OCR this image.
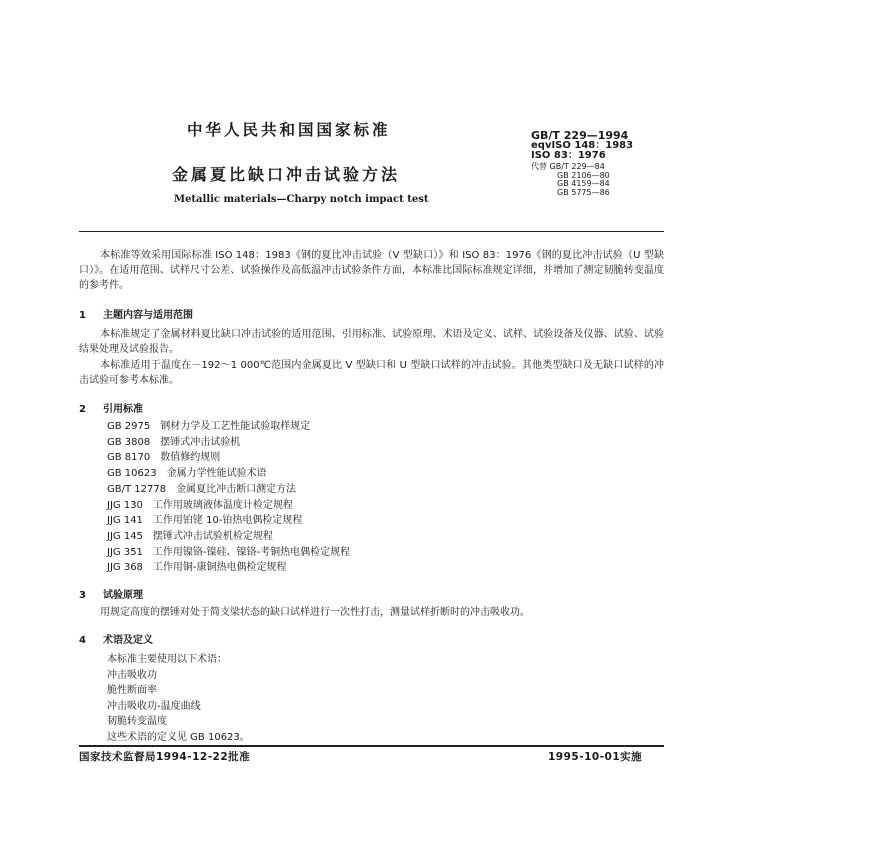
中华人民共和国国家标准
金属夏比缺口冲击试验方法
Metallic materials—Charpy notch impact test
GB/T 229—1994
eqvISO 148：1983
ISO 83：1976
代替 GB/T 229—84
GB 2106—80
GB 4159—84
GB 5775—86
本标准等效采用国际标准 ISO 148：1983《钢的夏比冲击试验（V 型缺口）》和 ISO 83：1976《钢的夏比冲击试验（U 型缺口）》。在适用范围、试样尺寸公差、试验操作及高低温冲击试验条件方面，本标准比国际标准规定详细，并增加了测定韧脆转变温度的参考件。
1 主题内容与适用范围
本标准规定了金属材料夏比缺口冲击试验的适用范围、引用标准、试验原理、术语及定义、试样、试验设备及仪器、试验、试验结果处理及试验报告。
本标准适用于温度在－192～1 000℃范围内金属夏比 V 型缺口和 U 型缺口试样的冲击试验。其他类型缺口及无缺口试样的冲击试验可参考本标准。
2 引用标准
GB 2975 钢材力学及工艺性能试验取样规定
GB 3808 摆锤式冲击试验机
GB 8170 数值修约规则
GB 10623 金属力学性能试验术语
GB/T 12778 金属夏比冲击断口测定方法
JJG 130 工作用玻璃液体温度计检定规程
JJG 141 工作用铂铑 10-铂热电偶检定规程
JJG 145 摆锤式冲击试验机检定规程
JJG 351 工作用镍铬-镍硅、镍铬-考铜热电偶检定规程
JJG 368 工作用铜-康铜热电偶检定规程
3 试验原理
用规定高度的摆锤对处于简支梁状态的缺口试样进行一次性打击，测量试样折断时的冲击吸收功。
4 术语及定义
本标准主要使用以下术语：
冲击吸收功
脆性断面率
冲击吸收功-温度曲线
韧脆转变温度
这些术语的定义见 GB 10623。
国家技术监督局1994-12-22批准	1995-10-01实施
